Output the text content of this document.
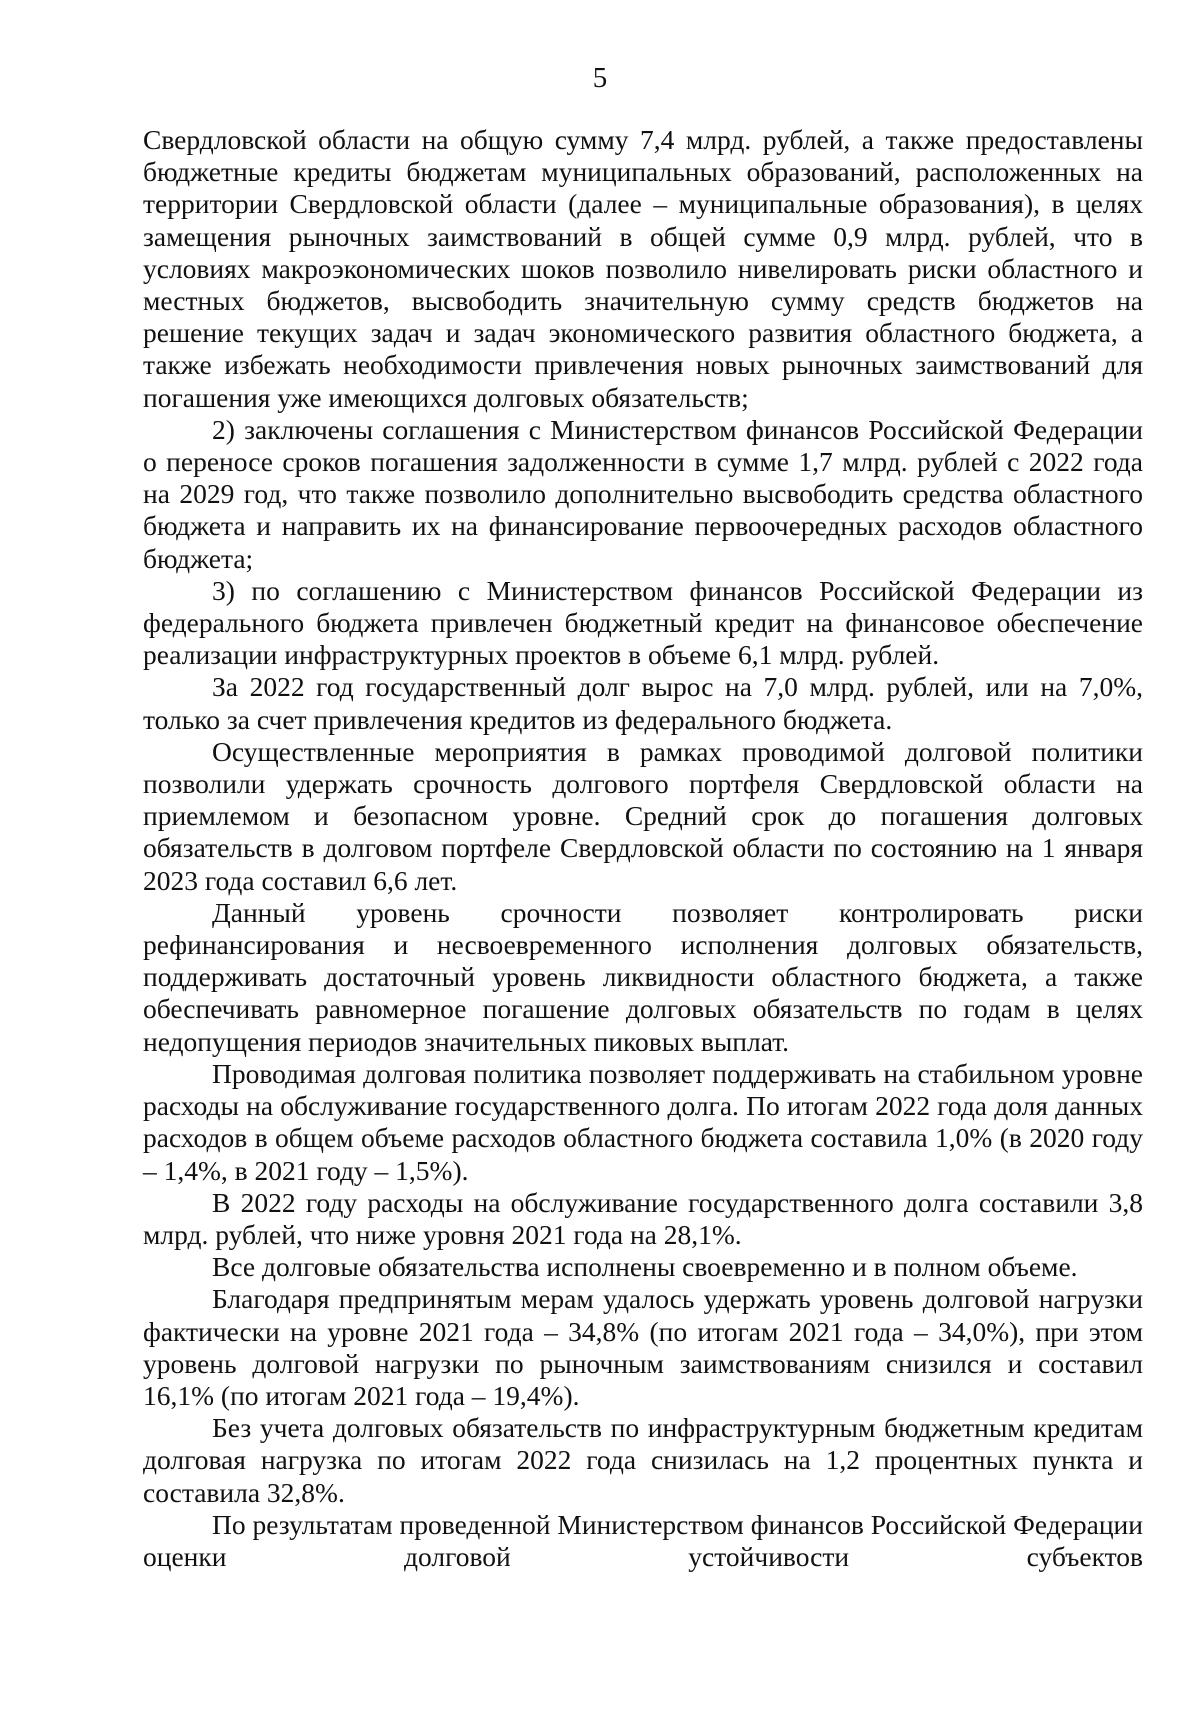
5

Свердловской области на общую сумму 7,4 млрд. рублей, а также предоставлены бюджетные кредиты бюджетам муниципальных образований, расположенных на территории Свердловской области (далее – муниципальные образования), в целях замещения рыночных заимствований в общей сумме 0,9 млрд. рублей, что в условиях макроэкономических шоков позволило нивелировать риски областного и местных бюджетов, высвободить значительную сумму средств бюджетов на решение текущих задач и задач экономического развития областного бюджета, а также избежать необходимости привлечения новых рыночных заимствований для погашения уже имеющихся долговых обязательств;

2) заключены соглашения с Министерством финансов Российской Федерации о переносе сроков погашения задолженности в сумме 1,7 млрд. рублей с 2022 года на 2029 год, что также позволило дополнительно высвободить средства областного бюджета и направить их на финансирование первоочередных расходов областного бюджета;

3) по соглашению с Министерством финансов Российской Федерации из федерального бюджета привлечен бюджетный кредит на финансовое обеспечение реализации инфраструктурных проектов в объеме 6,1 млрд. рублей.

За 2022 год государственный долг вырос на 7,0 млрд. рублей, или на 7,0%, только за счет привлечения кредитов из федерального бюджета.

Осуществленные мероприятия в рамках проводимой долговой политики позволили удержать срочность долгового портфеля Свердловской области на приемлемом и безопасном уровне. Средний срок до погашения долговых обязательств в долговом портфеле Свердловской области по состоянию на 1 января 2023 года составил 6,6 лет.

Данный уровень срочности позволяет контролировать риски рефинансирования и несвоевременного исполнения долговых обязательств, поддерживать достаточный уровень ликвидности областного бюджета, а также обеспечивать равномерное погашение долговых обязательств по годам в целях недопущения периодов значительных пиковых выплат.

Проводимая долговая политика позволяет поддерживать на стабильном уровне расходы на обслуживание государственного долга. По итогам 2022 года доля данных расходов в общем объеме расходов областного бюджета составила 1,0% (в 2020 году – 1,4%, в 2021 году – 1,5%).

В 2022 году расходы на обслуживание государственного долга составили 3,8 млрд. рублей, что ниже уровня 2021 года на 28,1%.

Все долговые обязательства исполнены своевременно и в полном объеме.

Благодаря предпринятым мерам удалось удержать уровень долговой нагрузки фактически на уровне 2021 года – 34,8% (по итогам 2021 года – 34,0%), при этом уровень долговой нагрузки по рыночным заимствованиям снизился и составил 16,1% (по итогам 2021 года – 19,4%).

Без учета долговых обязательств по инфраструктурным бюджетным кредитам долговая нагрузка по итогам 2022 года снизилась на 1,2 процентных пункта и составила 32,8%.

По результатам проведенной Министерством финансов Российской Федерации оценки долговой устойчивости субъектов
